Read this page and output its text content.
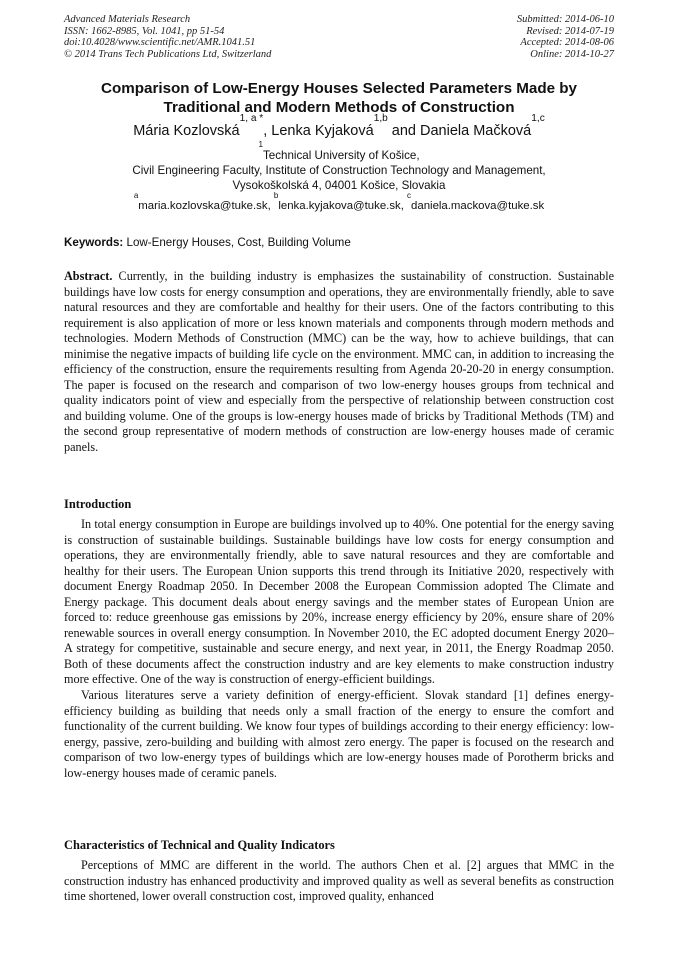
Advanced Materials Research
ISSN: 1662-8985, Vol. 1041, pp 51-54
doi:10.4028/www.scientific.net/AMR.1041.51
© 2014 Trans Tech Publications Ltd, Switzerland
Submitted: 2014-06-10
Revised: 2014-07-19
Accepted: 2014-08-06
Online: 2014-10-27
Comparison of Low-Energy Houses Selected Parameters Made by
Traditional and Modern Methods of Construction
Mária Kozlovská$^{1, a *}$, Lenka Kyjaková$^{1,b}$ and Daniela Mačková$^{1,c}$
$^1$Technical University of Košice,
Civil Engineering Faculty, Institute of Construction Technology and Management,
Vysokoškolská 4, 04001 Košice, Slovakia
$^a$maria.kozlovska@tuke.sk, $^b$lenka.kyjakova@tuke.sk, $^c$daniela.mackova@tuke.sk
Keywords: Low-Energy Houses, Cost, Building Volume

Abstract. Currently, in the building industry is emphasizes the sustainability of construction. Sustainable buildings have low costs for energy consumption and operations, they are environmentally friendly, able to save natural resources and they are comfortable and healthy for their users. One of the factors contributing to this requirement is also application of more or less known materials and components through modern methods and technologies. Modern Methods of Construction (MMC) can be the way, how to achieve buildings, that can minimise the negative impacts of building life cycle on the environment. MMC can, in addition to increasing the efficiency of the construction, ensure the requirements resulting from Agenda 20-20-20 in energy consumption. The paper is focused on the research and comparison of two low-energy houses groups from technical and quality indicators point of view and especially from the perspective of relationship between construction cost and building volume. One of the groups is low-energy houses made of bricks by Traditional Methods (TM) and the second group representative of modern methods of construction are low-energy houses made of ceramic panels.

Introduction

In total energy consumption in Europe are buildings involved up to 40%. One potential for the energy saving is construction of sustainable buildings. Sustainable buildings have low costs for energy consumption and operations, they are environmentally friendly, able to save natural resources and they are comfortable and healthy for their users. The European Union supports this trend through its Initiative 2020, respectively with document Energy Roadmap 2050. In December 2008 the European Commission adopted The Climate and Energy package. This document deals about energy savings and the member states of European Union are forced to: reduce greenhouse gas emissions by 20%, increase energy efficiency by 20%, ensure share of 20% renewable sources in overall energy consumption. In November 2010, the EC adopted document Energy 2020–A strategy for competitive, sustainable and secure energy, and next year, in 2011, the Energy Roadmap 2050. Both of these documents affect the construction industry and are key elements to make construction industry more effective. One of the way is construction of energy-efficient buildings.

Various literatures serve a variety definition of energy-efficient. Slovak standard [1] defines energy-efficiency building as building that needs only a small fraction of the energy to ensure the comfort and functionality of the current building. We know four types of buildings according to their energy efficiency: low-energy, passive, zero-building and building with almost zero energy. The paper is focused on the research and comparison of two low-energy types of buildings which are low-energy houses made of Porotherm bricks and low-energy houses made of ceramic panels.

Characteristics of Technical and Quality Indicators

Perceptions of MMC are different in the world. The authors Chen et al. [2] argues that MMC in the construction industry has enhanced productivity and improved quality as well as several benefits as construction time shortened, lower overall construction cost, improved quality, enhanced
